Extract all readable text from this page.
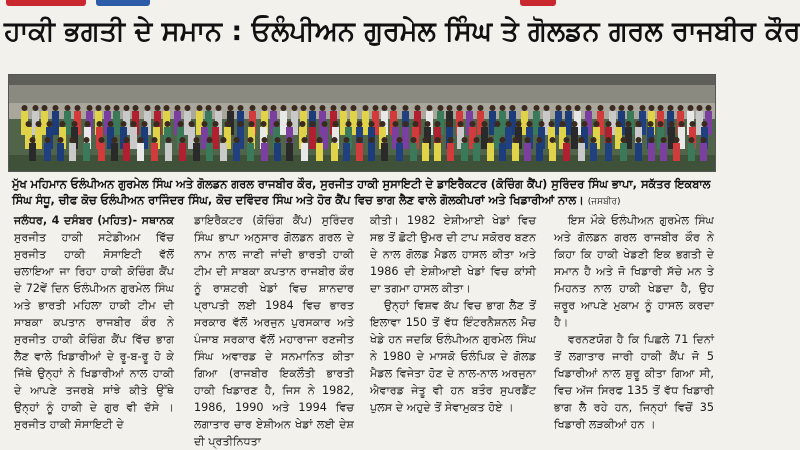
ਹਾਕੀ ਭਗਤੀ ਦੇ ਸਮਾਨ : ਓਲੰਪੀਅਨ ਗੁਰਮੇਲ ਸਿੰਘ ਤੇ ਗੋਲਡਨ ਗਰਲ ਰਾਜਬੀਰ ਕੌਰ
ਮੁੱਖ ਮਹਿਮਾਨ ਓਲੰਪੀਅਨ ਗੁਰਮੇਲ ਸਿੰਘ ਅਤੇ ਗੋਲਡਨ ਗਰਲ ਰਾਜਬੀਰ ਕੌਰ, ਸੁਰਜੀਤ ਹਾਕੀ ਸੁਸਾਇਟੀ ਦੇ ਡਾਇਰੈਕਟਰ (ਕੋਚਿੰਗ ਕੈਂਪ) ਸੁਰਿੰਦਰ ਸਿੰਘ ਭਾਪਾ, ਸਕੱਤਰ ਇਕਬਾਲ ਸਿੰਘ ਸੰਧੂ, ਚੀਫ ਕੋਚ ਓਲੰਪੀਅਨ ਰਾਜਿੰਦਰ ਸਿੰਘ, ਕੋਚ ਦਵਿੰਦਰ ਸਿੰਘ ਅਤੇ ਹੋਰ ਕੈਂਪ ਵਿਚ ਭਾਗ ਲੈਣ ਵਾਲੇ ਗੋਲਕੀਪਰਾਂ ਅਤੇ ਖਿਡਾਰੀਆਂ ਨਾਲ। (ਜਸਬੀਰ)

ਜਲੰਧਰ, 4 ਦਸੰਬਰ (ਮਹਿਤ)- ਸਥਾਨਕ ਸੁਰਜੀਤ ਹਾਕੀ ਸਟੇਡੀਅਮ ਵਿੱਚ ਸੁਰਜੀਤ ਹਾਕੀ ਸੋਸਾਇਟੀ ਵੱਲੋਂ ਚਲਾਇਆ ਜਾ ਰਿਹਾ ਹਾਕੀ ਕੋਚਿੰਗ ਕੈਂਪ ਦੇ 72ਵੇਂ ਦਿਨ ਓਲੰਪੀਅਨ ਗੁਰਮੇਲ ਸਿੰਘ ਅਤੇ ਭਾਰਤੀ ਮਹਿਲਾ ਹਾਕੀ ਟੀਮ ਦੀ ਸਾਬਕਾ ਕਪਤਾਨ ਰਾਜਬੀਰ ਕੌਰ ਨੇ ਸੁਰਜੀਤ ਹਾਕੀ ਕੋਚਿੰਗ ਕੈਂਪ ਵਿੱਚ ਭਾਗ ਲੈਣ ਵਾਲੇ ਖਿਡਾਰੀਆਂ ਦੇ ਰੂ-ਬ-ਰੂ ਹੋ ਕੇ ਜਿੱਥੇ ਉਨ੍ਹਾਂ ਨੇ ਖਿਡਾਰੀਆਂ ਨਾਲ ਹਾਕੀ ਦੇ ਆਪਣੇ ਤਜਰਬੇ ਸਾਂਝੇ ਕੀਤੇ ਉੱਥੇ ਉਨ੍ਹਾਂ ਨੂੰ ਹਾਕੀ ਦੇ ਗੁਰ ਵੀ ਦੱਸੇ । ਸੁਰਜੀਤ ਹਾਕੀ ਸੋਸਾਇਟੀ ਦੇ

ਡਾਇਰੈਕਟਰ (ਕੋਚਿੰਗ ਕੈਂਪ) ਸੁਰਿੰਦਰ ਸਿੰਘ ਭਾਪਾ ਅਨੁਸਾਰ ਗੋਲਡਨ ਗਰਲ ਦੇ ਨਾਮ ਨਾਲ ਜਾਣੀ ਜਾਂਦੀ ਭਾਰਤੀ ਹਾਕੀ ਟੀਮ ਦੀ ਸਾਬਕਾ ਕਪਤਾਨ ਰਾਜਬੀਰ ਕੌਰ ਨੂੰ ਰਾਸ਼ਟਰੀ ਖੇਡਾਂ ਵਿਚ ਸ਼ਾਨਦਾਰ ਪ੍ਰਾਪਤੀ ਲਈ 1984 ਵਿਚ ਭਾਰਤ ਸਰਕਾਰ ਵੱਲੋਂ ਅਰਜੁਨ ਪੁਰਸਕਾਰ ਅਤੇ ਪੰਜਾਬ ਸਰਕਾਰ ਵੱਲੋਂ ਮਹਾਰਾਜਾ ਰਣਜੀਤ ਸਿੰਘ ਅਵਾਰਡ ਦੇ ਸਨਮਾਨਿਤ ਕੀਤਾ ਗਿਆ (ਰਾਜਬੀਰ ਇਕਲੌਤੀ ਭਾਰਤੀ ਹਾਕੀ ਖਿਡਾਰਣ ਹੈ, ਜਿਸ ਨੇ 1982, 1986, 1990 ਅਤੇ 1994 ਵਿਚ ਲਗਾਤਾਰ ਚਾਰ ਏਸ਼ੀਅਨ ਖੇਡਾਂ ਲਈ ਦੇਸ਼ ਦੀ ਪ੍ਰਤੀਨਿਧਤਾ

ਕੀਤੀ। 1982 ਏਸ਼ੀਆਈ ਖੇਡਾਂ ਵਿਚ ਸਭ ਤੋਂ ਛੋਟੀ ਉਮਰ ਦੀ ਟਾਪ ਸਕੋਰਰ ਬਣਨ ਦੇ ਨਾਲ ਗੋਲਡ ਮੈਡਲ ਹਾਸਲ ਕੀਤਾ ਅਤੇ 1986 ਦੀ ਏਸ਼ੀਆਈ ਖੇਡਾਂ ਵਿਚ ਕਾਂਸੀ ਦਾ ਤਗਮਾ ਹਾਸਲ ਕੀਤਾ।

ਉਨ੍ਹਾਂ ਵਿਸ਼ਵ ਕੱਪ ਵਿਚ ਭਾਗ ਲੈਣ ਤੋਂ ਇਲਾਵਾ 150 ਤੋਂ ਵੱਧ ਇੰਟਰਨੈਸ਼ਨਲ ਮੈਚ ਖੇਡੇ ਹਨ ਜਦਕਿ ਓਲੰਪੀਅਨ ਗੁਰਮੇਲ ਸਿੰਘ ਨੇ 1980 ਦੇ ਮਾਸਕੋ ਓਲੰਪਿਕ ਦੇ ਗੋਲਡ ਮੈਡਲ ਵਿਜੇਤਾ ਹੋਣ ਦੇ ਨਾਲ-ਨਾਲ ਅਰਜੁਨਾ ਐਵਾਰਡ ਜੇਤੂ ਵੀ ਹਨ ਬਤੌਰ ਸੁਪਰਡੈਂਟ ਪੁਲਸ ਦੇ ਅਹੁਦੇ ਤੋਂ ਸੇਵਾਮੁਕਤ ਹੋਏ ।

ਇਸ ਮੌਕੇ ਓਲੰਪੀਅਨ ਗੁਰਮੇਲ ਸਿੰਘ ਅਤੇ ਗੋਲਡਨ ਗਰਲ ਰਾਜਬੀਰ ਕੌਰ ਨੇ ਕਿਹਾ ਕਿ ਹਾਕੀ ਖੇਡਣੀ ਇਕ ਭਗਤੀ ਦੇ ਸਮਾਨ ਹੈ ਅਤੇ ਜੋ ਖਿਡਾਰੀ ਸੱਚੇ ਮਨ ਤੇ ਮਿਹਨਤ ਨਾਲ ਹਾਕੀ ਖੇਡਦਾ ਹੈ, ਉਹ ਜ਼ਰੂਰ ਆਪਣੇ ਮੁਕਾਮ ਨੂੰ ਹਾਸਲ ਕਰਦਾ ਹੈ।

ਵਰਨਣਯੋਗ ਹੈ ਕਿ ਪਿਛਲੇ 71 ਦਿਨਾਂ ਤੋਂ ਲਗਾਤਾਰ ਜਾਰੀ ਹਾਕੀ ਕੈਂਪ ਜੋ 5 ਖਿਡਾਰੀਆਂ ਨਾਲ ਸ਼ੁਰੂ ਕੀਤਾ ਗਿਆ ਸੀ, ਵਿਚ ਅੱਜ ਸਿਰਫ 135 ਤੋਂ ਵੱਧ ਖਿਡਾਰੀ ਭਾਗ ਲੈ ਰਹੇ ਹਨ, ਜਿਨ੍ਹਾਂ ਵਿਚੋਂ 35 ਖਿਡਾਰੀ ਲੜਕੀਆਂ ਹਨ ।
